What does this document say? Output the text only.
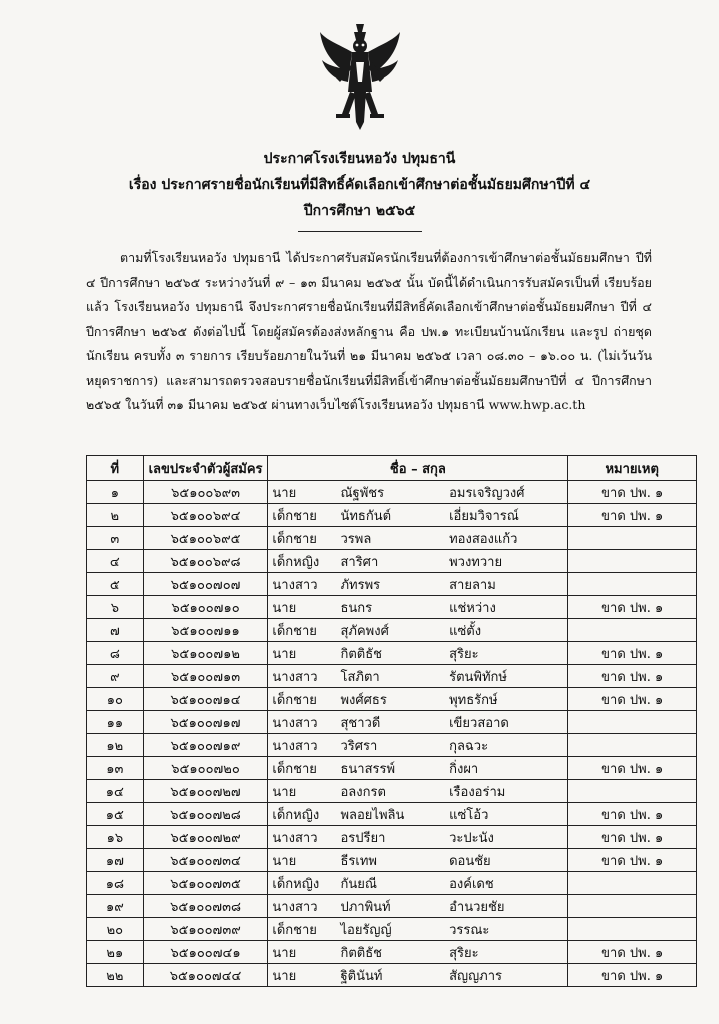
ประกาศโรงเรียนหอวัง ปทุมธานี
เรื่อง ประกาศรายชื่อนักเรียนที่มีสิทธิ์คัดเลือกเข้าศึกษาต่อชั้นมัธยมศึกษาปีที่ ๔
ปีการศึกษา ๒๕๖๕
ตามที่โรงเรียนหอวัง ปทุมธานี ได้ประกาศรับสมัครนักเรียนที่ต้องการเข้าศึกษาต่อชั้นมัธยมศึกษา ปีที่ ๔ ปีการศึกษา ๒๕๖๕ ระหว่างวันที่ ๙ – ๑๓ มีนาคม ๒๕๖๕ นั้น บัดนี้ได้ดำเนินการรับสมัครเป็นที่ เรียบร้อยแล้ว โรงเรียนหอวัง ปทุมธานี จึงประกาศรายชื่อนักเรียนที่มีสิทธิ์คัดเลือกเข้าศึกษาต่อชั้นมัธยมศึกษา ปีที่ ๔ ปีการศึกษา ๒๕๖๕ ดังต่อไปนี้ โดยผู้สมัครต้องส่งหลักฐาน คือ ปพ.๑ ทะเบียนบ้านนักเรียน และรูป ถ่ายชุดนักเรียน ครบทั้ง ๓ รายการ เรียบร้อยภายในวันที่ ๒๑ มีนาคม ๒๕๖๕ เวลา ๐๘.๓๐ – ๑๖.๐๐ น. (ไม่เว้นวันหยุดราชการ) และสามารถตรวจสอบรายชื่อนักเรียนที่มีสิทธิ์เข้าศึกษาต่อชั้นมัธยมศึกษาปีที่ ๔ ปีการศึกษา ๒๕๖๕ ในวันที่ ๓๑ มีนาคม ๒๕๖๕ ผ่านทางเว็บไซต์โรงเรียนหอวัง ปทุมธานี www.hwp.ac.th
ที่	เลขประจำตัวผู้สมัคร	ชื่อ – สกุล			หมายเหตุ
๑	๖๕๑๐๐๖๙๓	นาย	ณัฐพัชร	อมรเจริญวงศ์	ขาด ปพ. ๑
๒	๖๕๑๐๐๖๙๔	เด็กชาย	นัทธกันต์	เอี่ยมวิจารณ์	ขาด ปพ. ๑
๓	๖๕๑๐๐๖๙๕	เด็กชาย	วรพล	ทองสองแก้ว	
๔	๖๕๑๐๐๖๙๘	เด็กหญิง	สาริศา	พวงทวาย	
๕	๖๕๑๐๐๗๐๗	นางสาว	ภัทรพร	สายลาม	
๖	๖๕๑๐๐๗๑๐	นาย	ธนกร	แช่หว่าง	ขาด ปพ. ๑
๗	๖๕๑๐๐๗๑๑	เด็กชาย	สุภัคพงศ์	แซ่ตั้ง	
๘	๖๕๑๐๐๗๑๒	นาย	กิตติธัช	สุริยะ	ขาด ปพ. ๑
๙	๖๕๑๐๐๗๑๓	นางสาว	โสภิตา	รัตนพิทักษ์	ขาด ปพ. ๑
๑๐	๖๕๑๐๐๗๑๔	เด็กชาย	พงศ์ศธร	พุทธรักษ์	ขาด ปพ. ๑
๑๑	๖๕๑๐๐๗๑๗	นางสาว	สุชาวดี	เขียวสอาด	
๑๒	๖๕๑๐๐๗๑๙	นางสาว	วริศรา	กุลฉวะ	
๑๓	๖๕๑๐๐๗๒๐	เด็กชาย	ธนาสรรพ์	กิ่งผา	ขาด ปพ. ๑
๑๔	๖๕๑๐๐๗๒๗	นาย	อลงกรต	เรืองอร่าม	
๑๕	๖๕๑๐๐๗๒๘	เด็กหญิง	พลอยไพลิน	แซ่โอ้ว	ขาด ปพ. ๑
๑๖	๖๕๑๐๐๗๒๙	นางสาว	อรปรียา	วะปะนัง	ขาด ปพ. ๑
๑๗	๖๕๑๐๐๗๓๔	นาย	ธีรเทพ	ดอนชัย	ขาด ปพ. ๑
๑๘	๖๕๑๐๐๗๓๕	เด็กหญิง	กันยณี	องค์เดช	
๑๙	๖๕๑๐๐๗๓๘	นางสาว	ปภาพินท์	อำนวยชัย	
๒๐	๖๕๑๐๐๗๓๙	เด็กชาย	ไอยรัญญ์	วรรณะ	
๒๑	๖๕๑๐๐๗๔๑	นาย	กิตติธัช	สุริยะ	ขาด ปพ. ๑
๒๒	๖๕๑๐๐๗๔๔	นาย	ฐิตินันท์	สัญญภาร	ขาด ปพ. ๑
